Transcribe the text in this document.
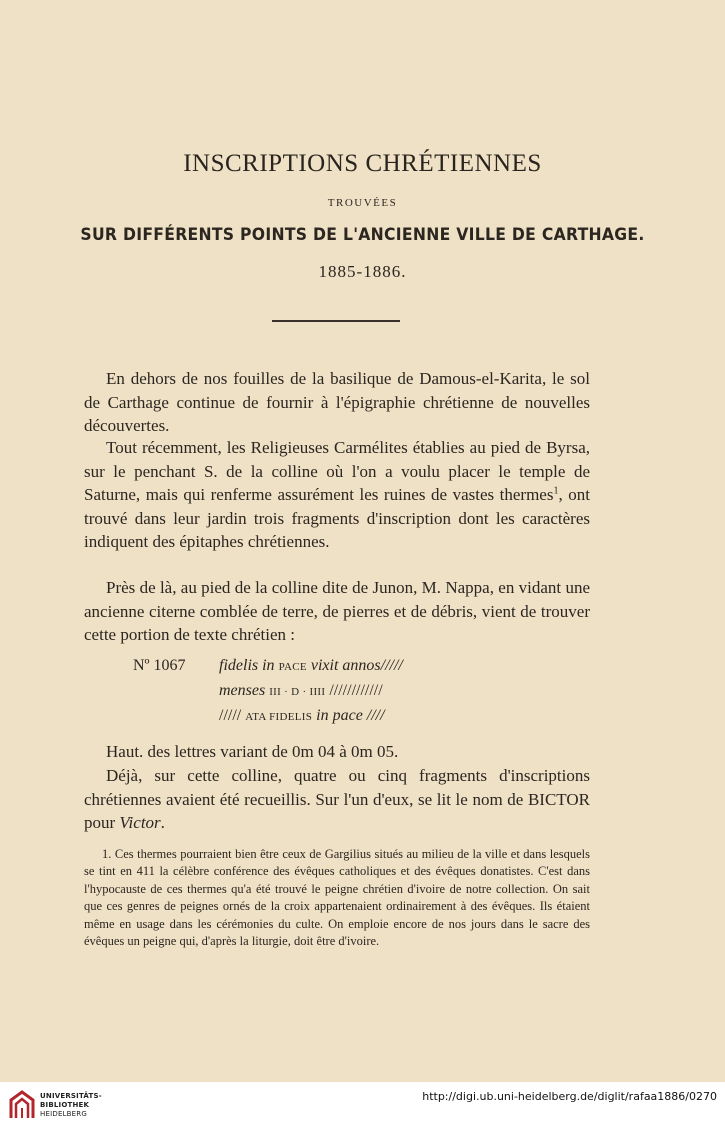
INSCRIPTIONS CHRÉTIENNES
TROUVÉES
SUR DIFFÉRENTS POINTS DE L'ANCIENNE VILLE DE CARTHAGE.
1885-1886.

En dehors de nos fouilles de la basilique de Damous-el-Karita, le sol de Carthage continue de fournir à l'épigraphie chrétienne de nouvelles découvertes.

Tout récemment, les Religieuses Carmélites établies au pied de Byrsa, sur le penchant S. de la colline où l'on a voulu placer le temple de Saturne, mais qui renferme assurément les ruines de vastes thermes$^1$, ont trouvé dans leur jardin trois fragments d'inscription dont les caractères indiquent des épitaphes chrétiennes.

Près de là, au pied de la colline dite de Junon, M. Nappa, en vidant une ancienne citerne comblée de terre, de pierres et de débris, vient de trouver cette portion de texte chrétien :

Nº 1067 fidelis in PACE vixit annos/////
menses III · D · IIII ////////////
///// ATA FIDELIS in pace ////

Haut. des lettres variant de 0m 04 à 0m 05.

Déjà, sur cette colline, quatre ou cinq fragments d'inscriptions chrétiennes avaient été recueillis. Sur l'un d'eux, se lit le nom de BICTOR pour Victor.

1. Ces thermes pourraient bien être ceux de Gargilius situés au milieu de la ville et dans lesquels se tint en 411 la célèbre conférence des évêques catholiques et des évêques donatistes. C'est dans l'hypocauste de ces thermes qu'a été trouvé le peigne chrétien d'ivoire de notre collection. On sait que ces genres de peignes ornés de la croix appartenaient ordinairement à des évêques. Ils étaient même en usage dans les cérémonies du culte. On emploie encore de nos jours dans le sacre des évêques un peigne qui, d'après la liturgie, doit être d'ivoire.

UNIVERSITÄTS-
BIBLIOTHEK
HEIDELBERG
http://digi.ub.uni-heidelberg.de/diglit/rafaa1886/0270
